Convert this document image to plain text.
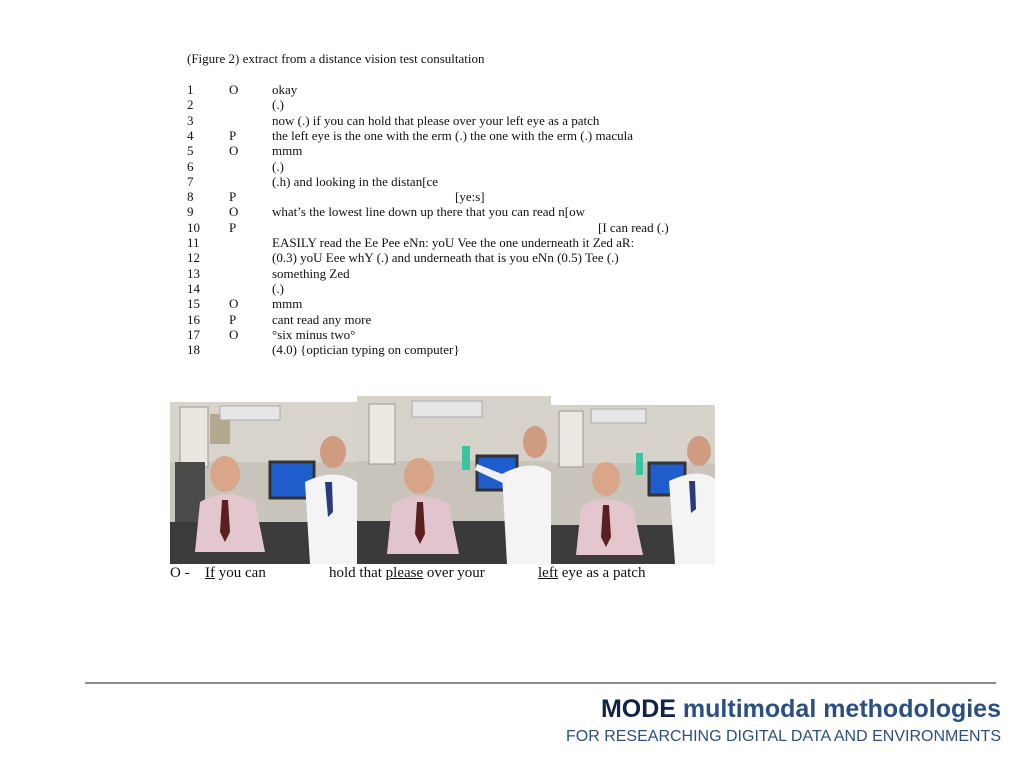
(Figure 2) extract from a distance vision test consultation
1	O	okay
2	(.)
3	now (.) if you can hold that please over your left eye as a patch
4	P	the left eye is the one with the erm (.) the one with the erm (.) macula
5	O	mmm
6	(.)
7	(.h) and looking in the distan[ce
8	P	[ye:s]
9	O	what’s the lowest line down up there that you can read n[ow
10 P	[I can read (.)
11	EASILY read the Ee Pee eNn: yoU Vee the one underneath it Zed aR:
12	(0.3) yoU Eee whY (.) and underneath that is you eNn (0.5) Tee (.)
13	something Zed
14	(.)
15 O	mmm
16 P	cant read any more
17 O	°six minus two°
18	(4.0) {optician typing on computer}
O - If you can	hold that please over your	left eye as a patch
MODE multimodal methodologies
FOR RESEARCHING DIGITAL DATA AND ENVIRONMENTS
